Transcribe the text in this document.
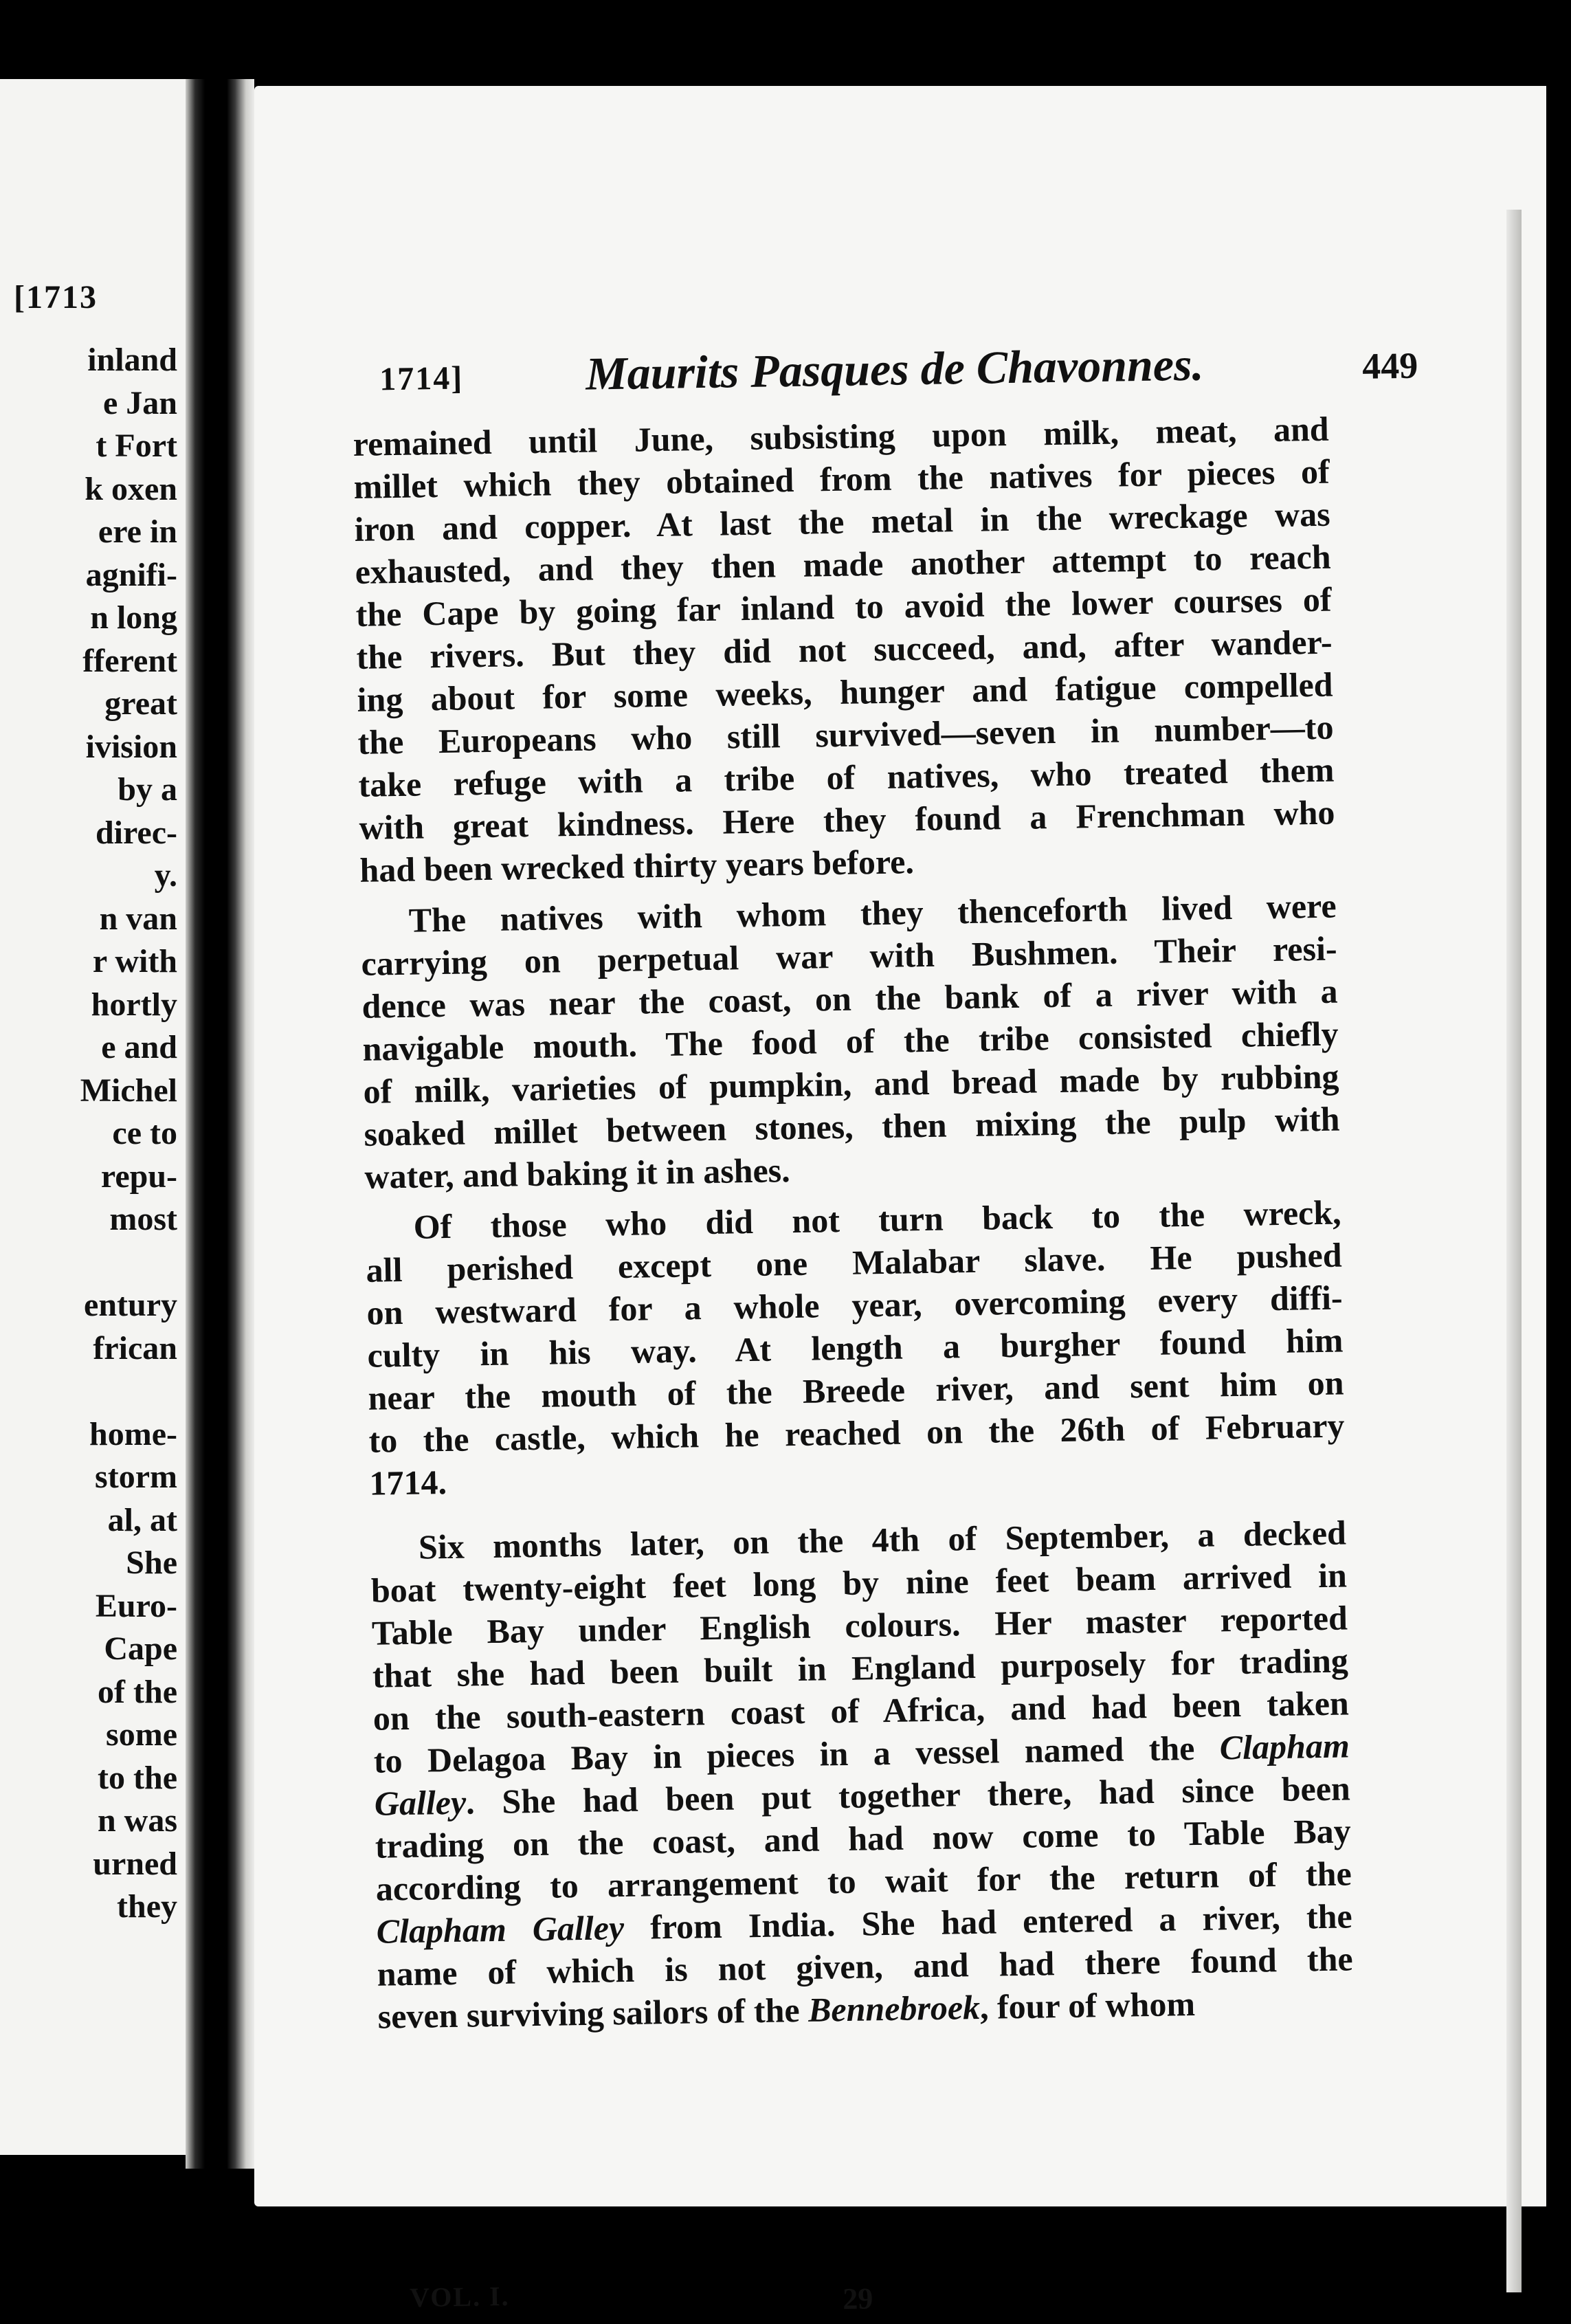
[1713
inland
e Jan
t Fort
k oxen
ere in
agnifi-
n long
fferent
great
ivision
by a
direc-
y.
n van
r with
hortly
e and
Michel
ce to
repu-
most
entury
frican
home-
storm
al, at
She
Euro-
Cape
of the
some
to the
n was
urned
they
1714]	Maurits Pasques de Chavonnes.	449

remained until June, subsisting upon milk, meat, and
millet which they obtained from the natives for pieces of
iron and copper. At last the metal in the wreckage was
exhausted, and they then made another attempt to reach
the Cape by going far inland to avoid the lower courses of
the rivers. But they did not succeed, and, after wander-
ing about for some weeks, hunger and fatigue compelled
the Europeans who still survived—seven in number—to
take refuge with a tribe of natives, who treated them
with great kindness. Here they found a Frenchman who
had been wrecked thirty years before.

The natives with whom they thenceforth lived were
carrying on perpetual war with Bushmen. Their resi-
dence was near the coast, on the bank of a river with a
navigable mouth. The food of the tribe consisted chiefly
of milk, varieties of pumpkin, and bread made by rubbing
soaked millet between stones, then mixing the pulp with
water, and baking it in ashes.

Of those who did not turn back to the wreck,
all perished except one Malabar slave. He pushed
on westward for a whole year, overcoming every diffi-
culty in his way. At length a burgher found him
near the mouth of the Breede river, and sent him on
to the castle, which he reached on the 26th of February
1714.

Six months later, on the 4th of September, a decked
boat twenty-eight feet long by nine feet beam arrived in
Table Bay under English colours. Her master reported
that she had been built in England purposely for trading
on the south-eastern coast of Africa, and had been taken
to Delagoa Bay in pieces in a vessel named the Clapham
Galley. She had been put together there, had since been
trading on the coast, and had now come to Table Bay
according to arrangement to wait for the return of the
Clapham Galley from India. She had entered a river, the
name of which is not given, and had there found the
seven surviving sailors of the Bennebroek, four of whom

VOL. I.	29
